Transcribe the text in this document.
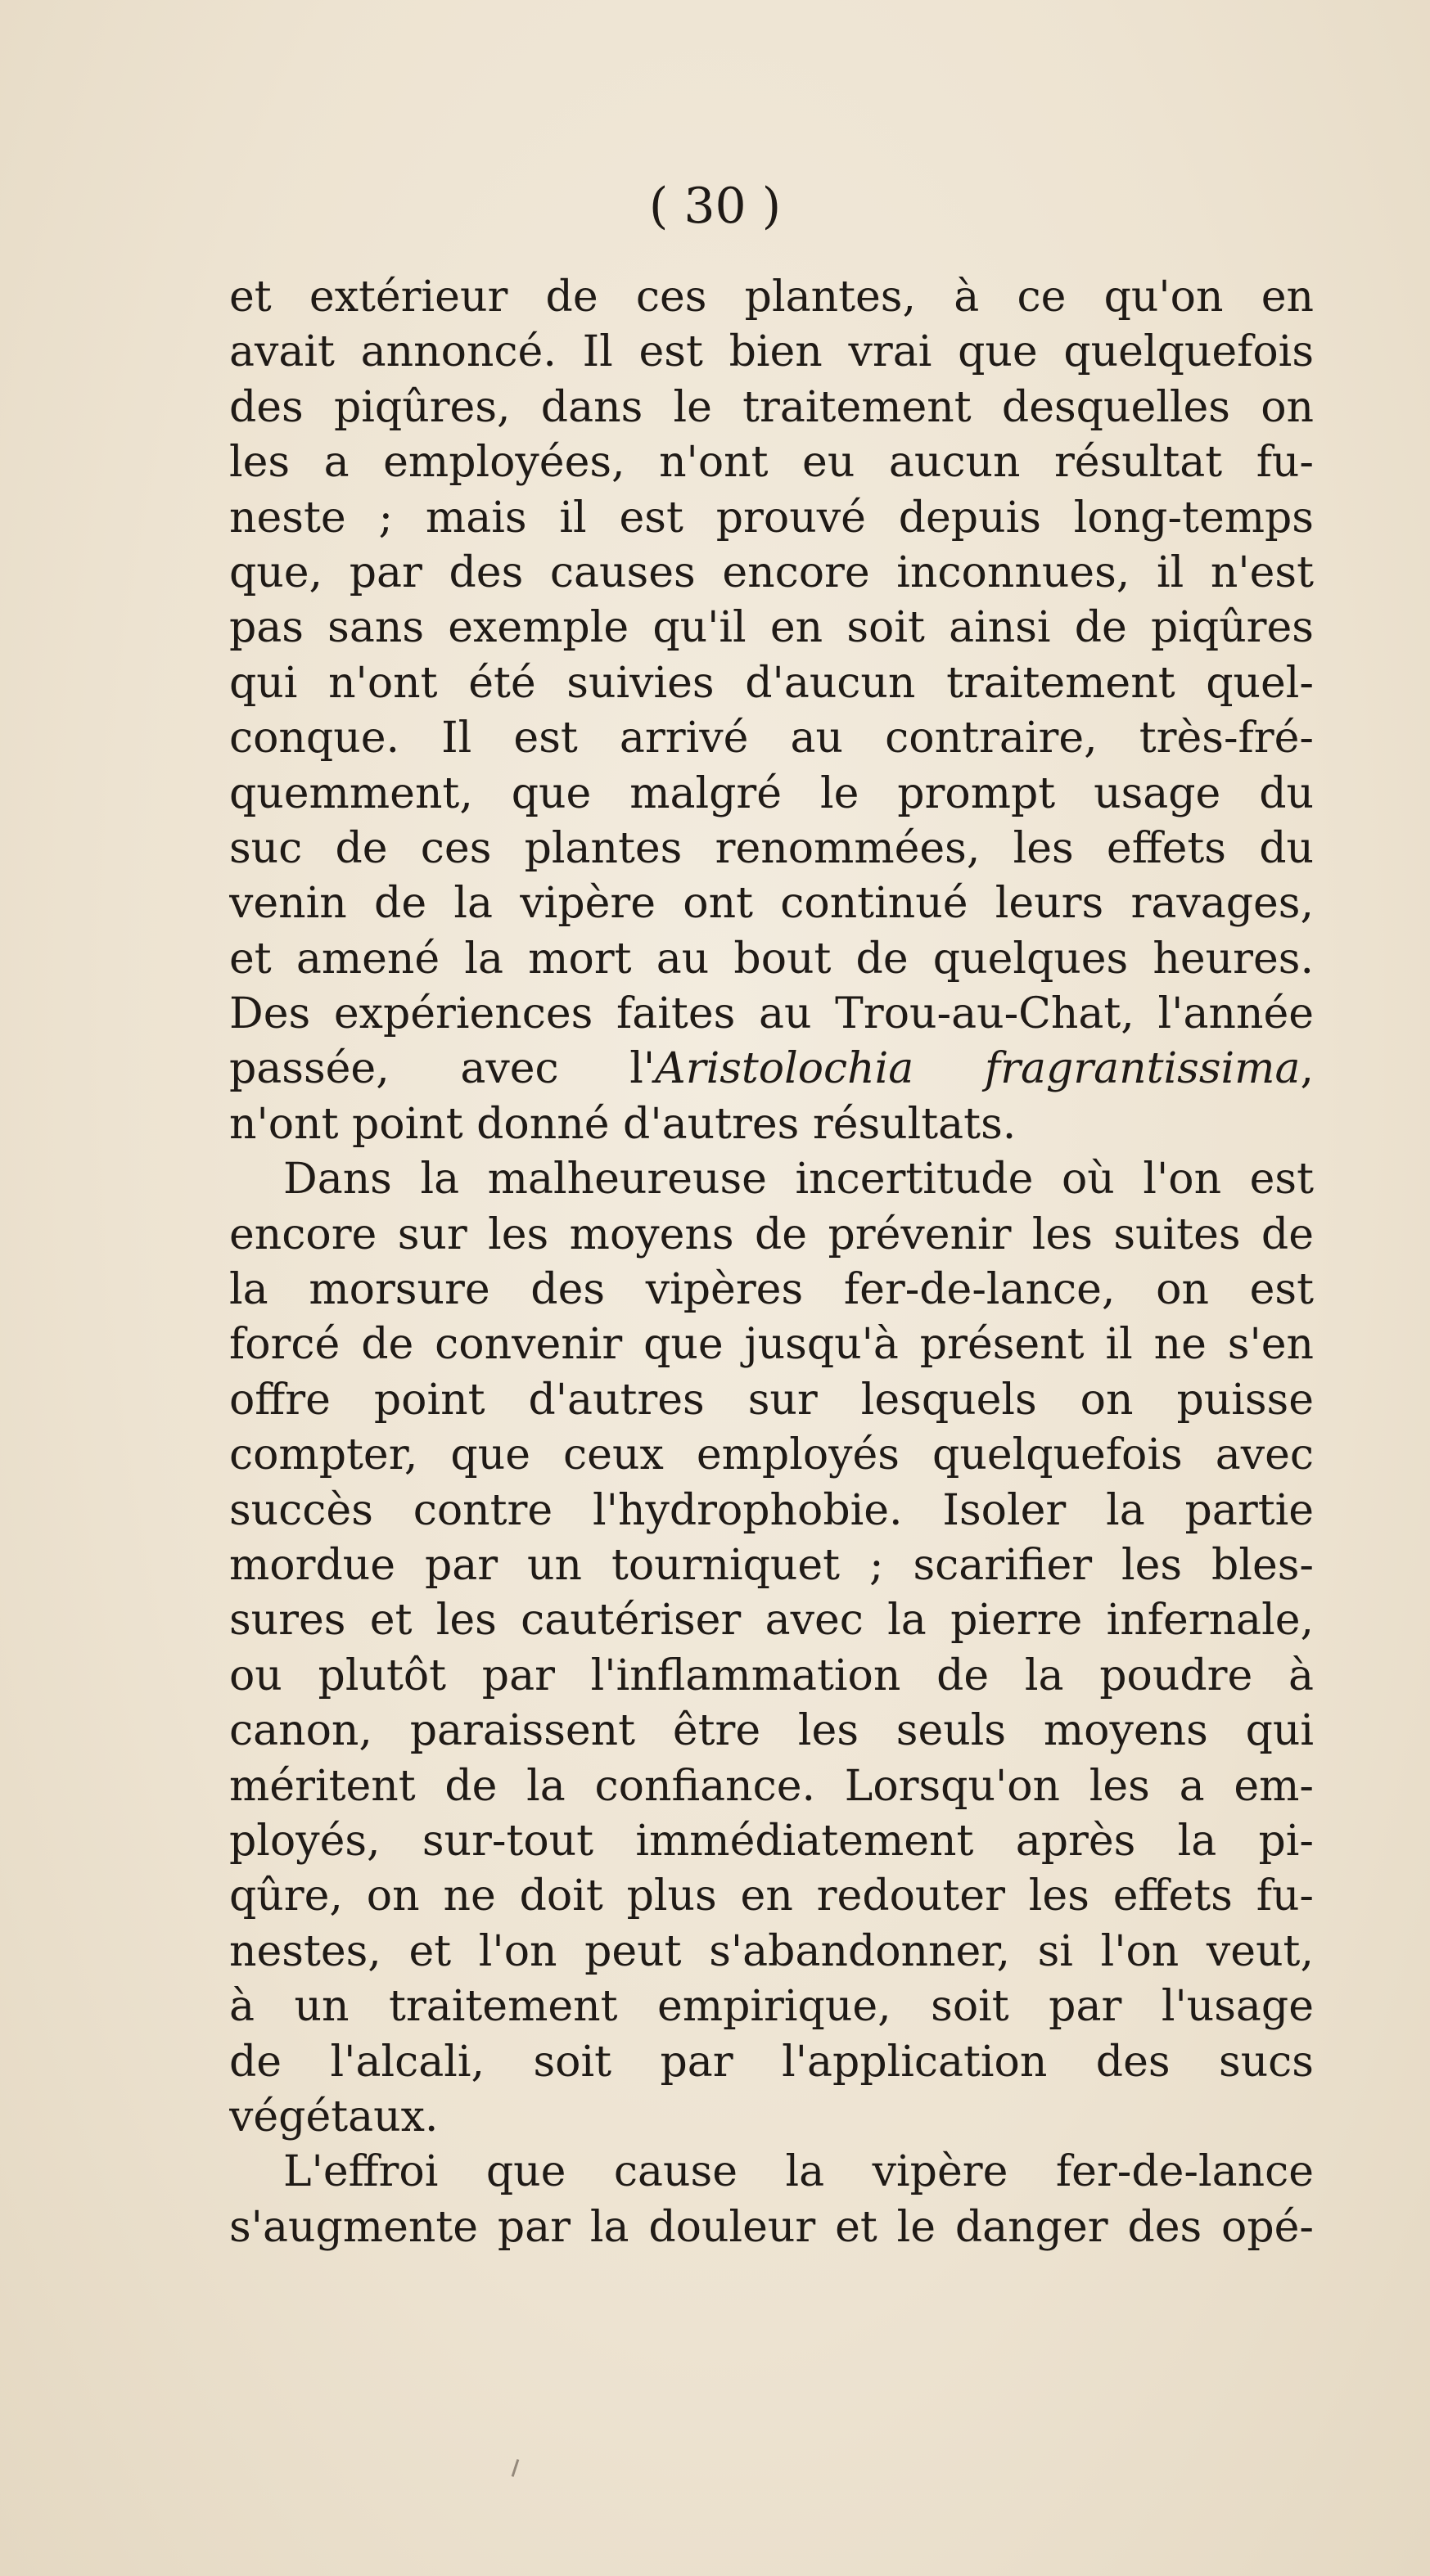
( 30 )
et extérieur de ces plantes, à ce qu'on en
avait annoncé. Il est bien vrai que quelquefois
des piqûres, dans le traitement desquelles on
les a employées, n'ont eu aucun résultat fu-
neste ; mais il est prouvé depuis long-temps
que, par des causes encore inconnues, il n'est
pas sans exemple qu'il en soit ainsi de piqûres
qui n'ont été suivies d'aucun traitement quel-
conque. Il est arrivé au contraire, très-fré-
quemment, que malgré le prompt usage du
suc de ces plantes renommées, les effets du
venin de la vipère ont continué leurs ravages,
et amené la mort au bout de quelques heures.
Des expériences faites au Trou-au-Chat, l'année
passée, avec l'Aristolochia fragrantissima,
n'ont point donné d'autres résultats.
Dans la malheureuse incertitude où l'on est
encore sur les moyens de prévenir les suites de
la morsure des vipères fer-de-lance, on est
forcé de convenir que jusqu'à présent il ne s'en
offre point d'autres sur lesquels on puisse
compter, que ceux employés quelquefois avec
succès contre l'hydrophobie. Isoler la partie
mordue par un tourniquet ; scarifier les bles-
sures et les cautériser avec la pierre infernale,
ou plutôt par l'inflammation de la poudre à
canon, paraissent être les seuls moyens qui
méritent de la confiance. Lorsqu'on les a em-
ployés, sur-tout immédiatement après la pi-
qûre, on ne doit plus en redouter les effets fu-
nestes, et l'on peut s'abandonner, si l'on veut,
à un traitement empirique, soit par l'usage
de l'alcali, soit par l'application des sucs
végétaux.
L'effroi que cause la vipère fer-de-lance
s'augmente par la douleur et le danger des opé-
